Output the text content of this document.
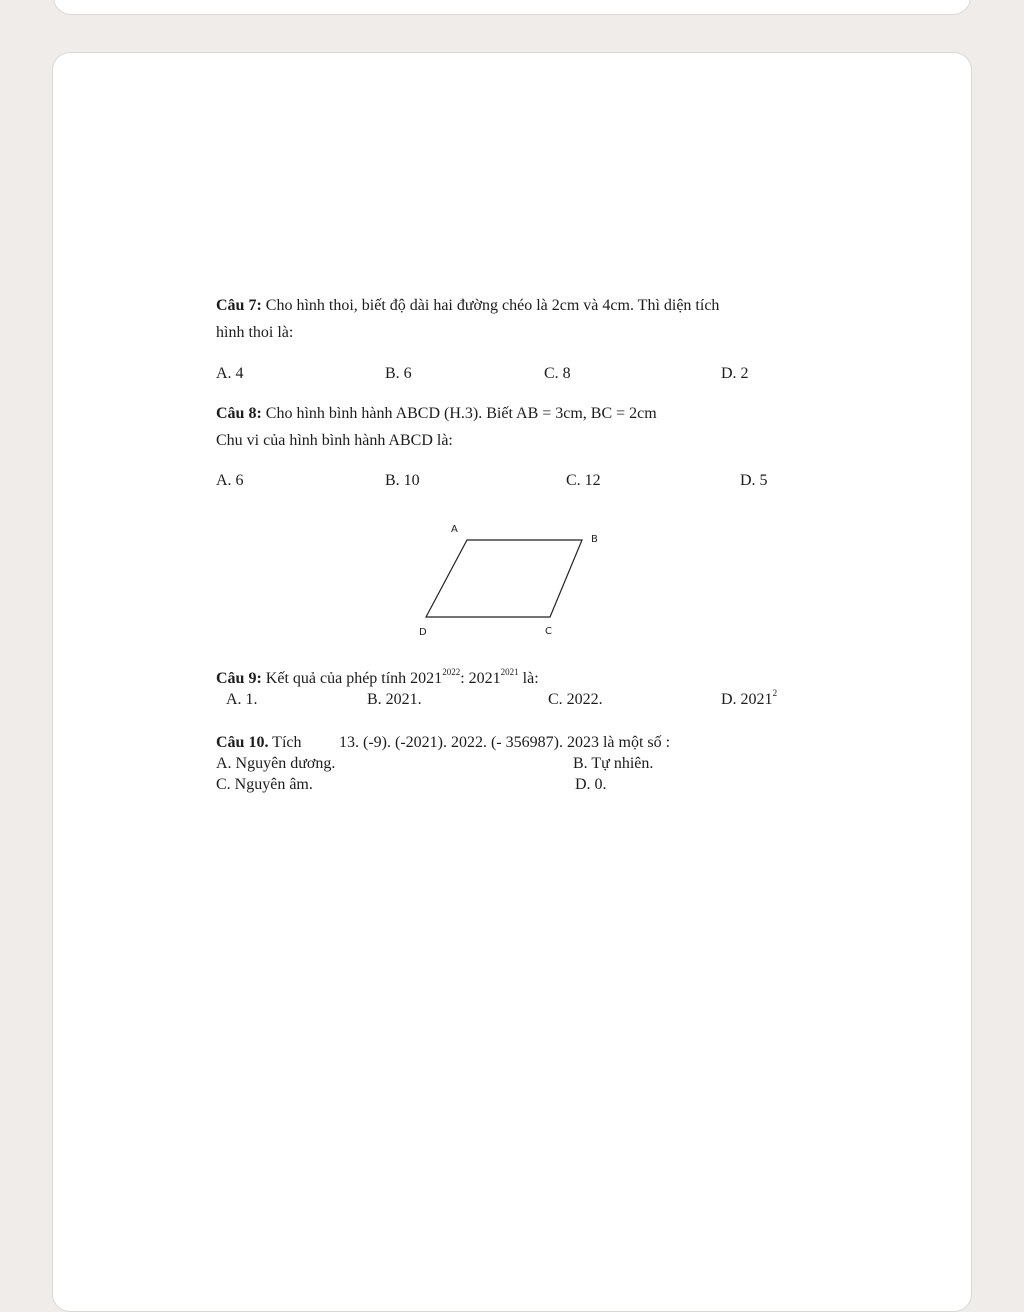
Câu 7: Cho hình thoi, biết độ dài hai đường chéo là 2cm và 4cm. Thì diện tích
hình thoi là:
A. 4	B. 6	C. 8	D. 2
Câu 8: Cho hình bình hành ABCD (H.3). Biết AB = 3cm, BC = 2cm
Chu vi của hình bình hành ABCD là:
A. 6	B. 10	C. 12	D. 5
A
B
C
D
Câu 9: Kết quả của phép tính $2021^{2022}$: $2021^{2021}$ là:
A. 1.	B. 2021.	C. 2022.	D. 2021$^2$
Câu 10. Tích 13. (-9). (-2021). 2022. (- 356987). 2023 là một số :
A. Nguyên dương.	B. Tự nhiên.
C. Nguyên âm.	D. 0.
